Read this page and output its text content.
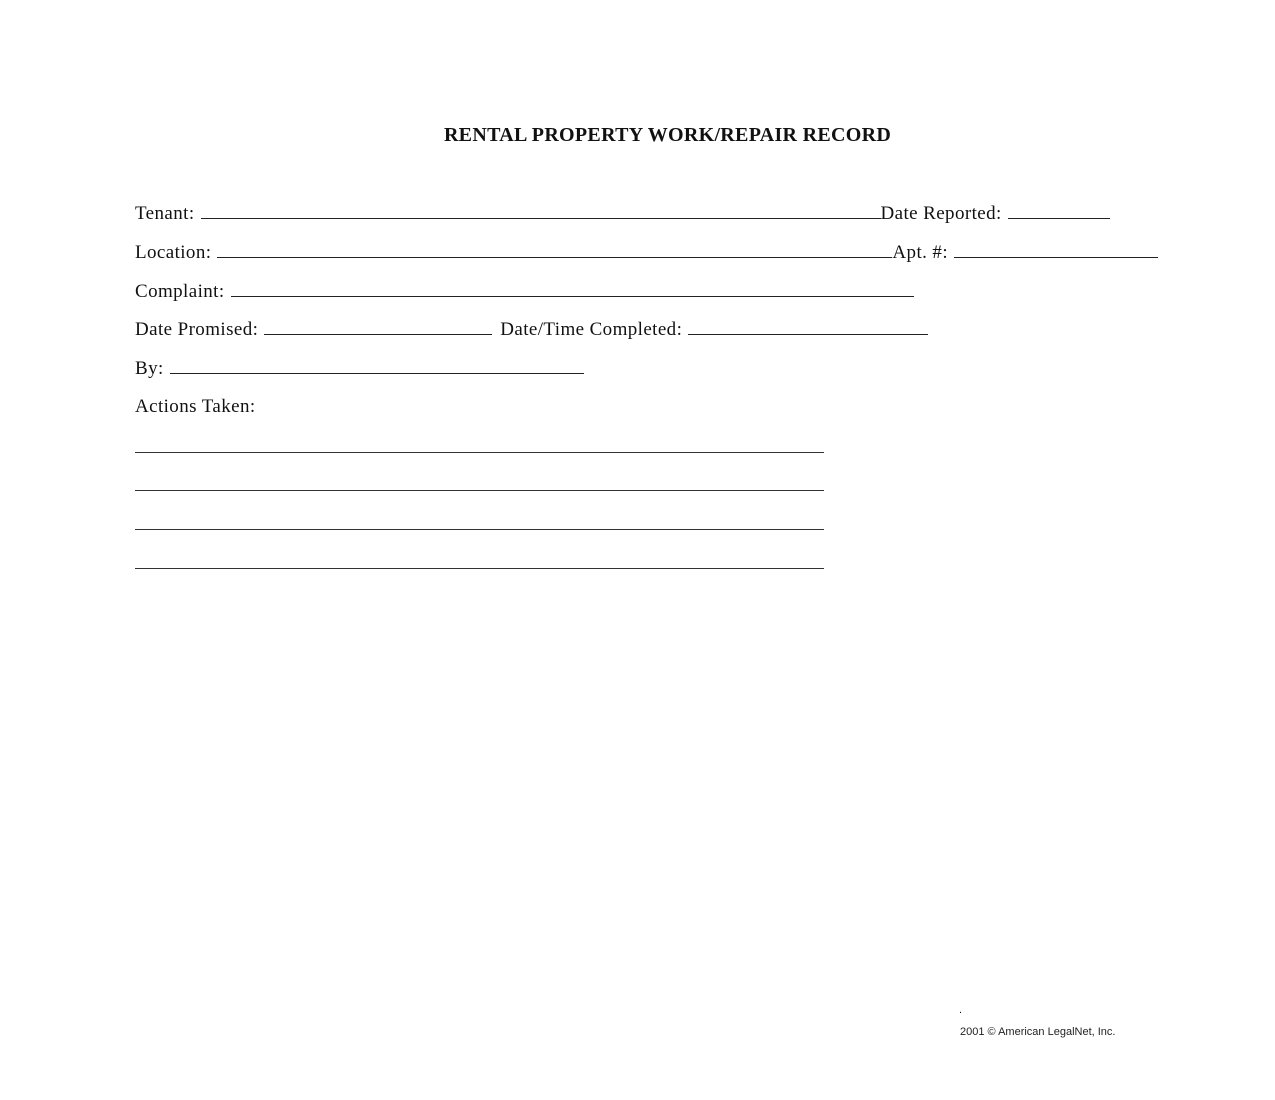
RENTAL PROPERTY WORK/REPAIR RECORD
Tenant:	Date Reported:
Location:	Apt. #:
Complaint:
Date Promised:	Date/Time Completed:
By:
Actions Taken:
.
2001 © American LegalNet, Inc.
